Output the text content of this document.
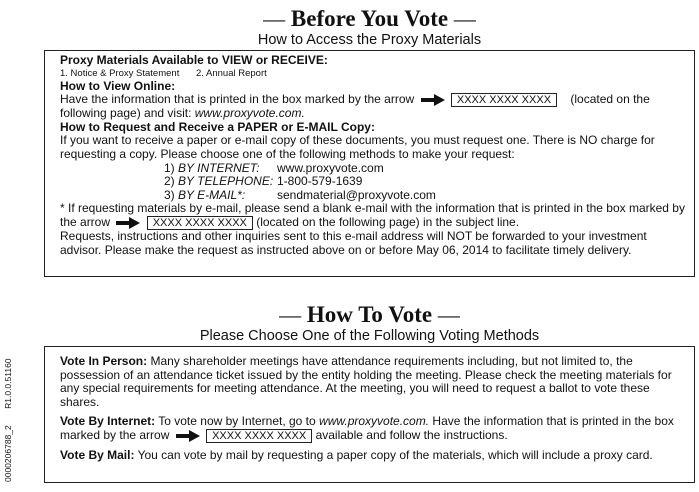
— Before You Vote —
How to Access the Proxy Materials
Proxy Materials Available to VIEW or RECEIVE:
1. Notice & Proxy Statement 2. Annual Report
How to View Online:
Have the information that is printed in the box marked by the arrow	XXXX XXXX XXXX (located on the
following page) and visit: www.proxyvote.com.
How to Request and Receive a PAPER or E-MAIL Copy:
If you want to receive a paper or e-mail copy of these documents, you must request one. There is NO charge for requesting a copy. Please choose one of the following methods to make your request:
1) BY INTERNET: www.proxyvote.com
2) BY TELEPHONE: 1-800-579-1639
3) BY E-MAIL*:	sendmaterial@proxyvote.com
* If requesting materials by e-mail, please send a blank e-mail with the information that is printed in the box marked by the arrow	XXXX XXXX XXXX (located on the following page) in the subject line.
Requests, instructions and other inquiries sent to this e-mail address will NOT be forwarded to your investment advisor. Please make the request as instructed above on or before May 06, 2014 to facilitate timely delivery.
— How To Vote —
Please Choose One of the Following Voting Methods
Vote In Person: Many shareholder meetings have attendance requirements including, but not limited to, the possession of an attendance ticket issued by the entity holding the meeting. Please check the meeting materials for any special requirements for meeting attendance. At the meeting, you will need to request a ballot to vote these shares.
Vote By Internet: To vote now by Internet, go to www.proxyvote.com. Have the information that is printed in the box marked by the arrow	XXXX XXXX XXXX available and follow the instructions.
Vote By Mail: You can vote by mail by requesting a paper copy of the materials, which will include a proxy card.
0000206788_2 R1.0.0.51160
